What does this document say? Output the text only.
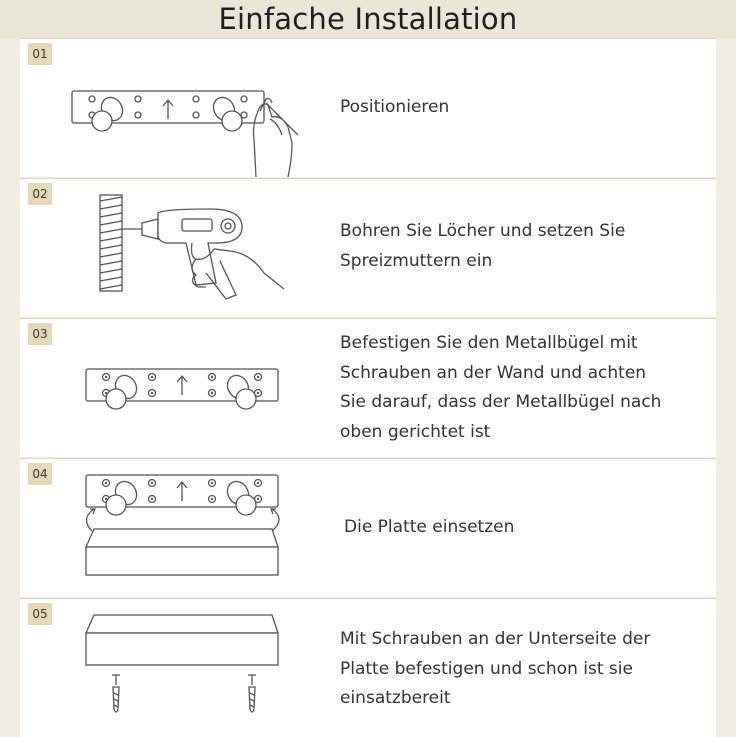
Einfache Installation
01
Positionieren
02
Bohren Sie Löcher und setzen Sie
Spreizmuttern ein
03	Befestigen Sie den Metallbügel mit
Schrauben an der Wand und achten
Sie darauf, dass der Metallbügel nach
oben gerichtet ist
04
Die Platte einsetzen
05
Mit Schrauben an der Unterseite der
Platte befestigen und schon ist sie
einsatzbereit
